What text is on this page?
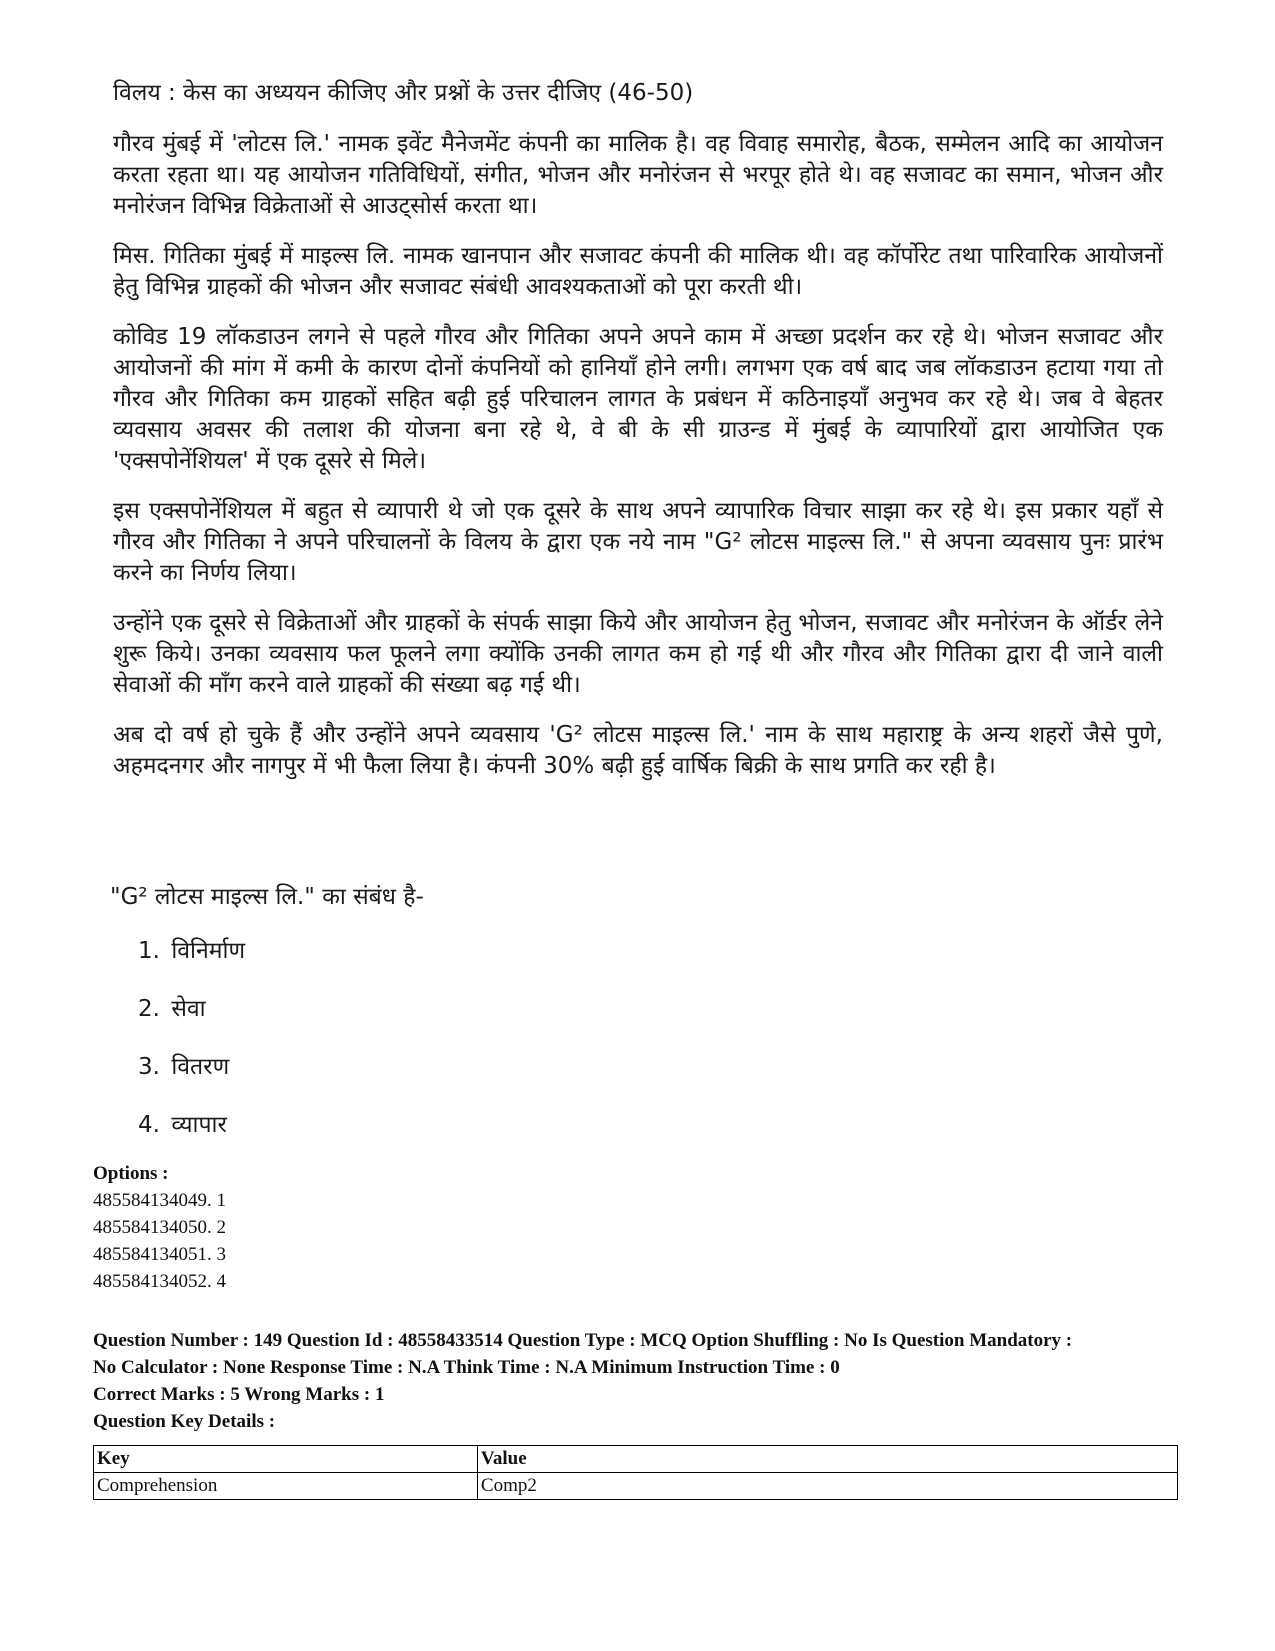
विलय : केस का अध्ययन कीजिए और प्रश्नों के उत्तर दीजिए (46-50)

गौरव मुंबई में 'लोटस लि.' नामक इवेंट मैनेजमेंट कंपनी का मालिक है। वह विवाह समारोह, बैठक, सम्मेलन आदि का आयोजन करता रहता था। यह आयोजन गतिविधियों, संगीत, भोजन और मनोरंजन से भरपूर होते थे। वह सजावट का समान, भोजन और मनोरंजन विभिन्न विक्रेताओं से आउट्सोर्स करता था।

मिस. गितिका मुंबई में माइल्स लि. नामक खानपान और सजावट कंपनी की मालिक थी। वह कॉर्पोरेट तथा पारिवारिक आयोजनों हेतु विभिन्न ग्राहकों की भोजन और सजावट संबंधी आवश्यकताओं को पूरा करती थी।

कोविड 19 लॉकडाउन लगने से पहले गौरव और गितिका अपने अपने काम में अच्छा प्रदर्शन कर रहे थे। भोजन सजावट और आयोजनों की मांग में कमी के कारण दोनों कंपनियों को हानियाँ होने लगी। लगभग एक वर्ष बाद जब लॉकडाउन हटाया गया तो गौरव और गितिका कम ग्राहकों सहित बढ़ी हुई परिचालन लागत के प्रबंधन में कठिनाइयाँ अनुभव कर रहे थे। जब वे बेहतर व्यवसाय अवसर की तलाश की योजना बना रहे थे, वे बी के सी ग्राउन्ड में मुंबई के व्यापारियों द्वारा आयोजित एक 'एक्सपोनेंशियल' में एक दूसरे से मिले।

इस एक्सपोनेंशियल में बहुत से व्यापारी थे जो एक दूसरे के साथ अपने व्यापारिक विचार साझा कर रहे थे। इस प्रकार यहाँ से गौरव और गितिका ने अपने परिचालनों के विलय के द्वारा एक नये नाम "G² लोटस माइल्स लि." से अपना व्यवसाय पुनः प्रारंभ करने का निर्णय लिया।

उन्होंने एक दूसरे से विक्रेताओं और ग्राहकों के संपर्क साझा किये और आयोजन हेतु भोजन, सजावट और मनोरंजन के ऑर्डर लेने शुरू किये। उनका व्यवसाय फल फूलने लगा क्योंकि उनकी लागत कम हो गई थी और गौरव और गितिका द्वारा दी जाने वाली सेवाओं की माँग करने वाले ग्राहकों की संख्या बढ़ गई थी।

अब दो वर्ष हो चुके हैं और उन्होंने अपने व्यवसाय 'G² लोटस माइल्स लि.' नाम के साथ महाराष्ट्र के अन्य शहरों जैसे पुणे, अहमदनगर और नागपुर में भी फैला लिया है। कंपनी 30% बढ़ी हुई वार्षिक बिक्री के साथ प्रगति कर रही है।

"G² लोटस माइल्स लि." का संबंध है-
1. विनिर्माण
2. सेवा
3. वितरण
4. व्यापार
Options :
485584134049. 1
485584134050. 2
485584134051. 3
485584134052. 4
Question Number : 149 Question Id : 48558433514 Question Type : MCQ Option Shuffling : No Is Question Mandatory :
No Calculator : None Response Time : N.A Think Time : N.A Minimum Instruction Time : 0
Correct Marks : 5 Wrong Marks : 1
Question Key Details :
Key	Value
Comprehension	Comp2
